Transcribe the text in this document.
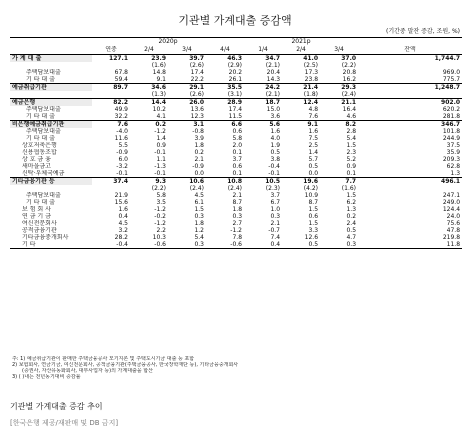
기관별 가계대출 증감액
(기간중 말잔 증감, 조원, %)
	2020p				2021p			
	연중	2/4	3/4	4/4	1/4	2/4	3/4	잔액
가 계 대 출	127.1	23.9	39.7	46.3	34.7	41.0	37.0	1,744.7
		(1.6)	(2.6)	(2.9)	(2.1)	(2.5)	(2.2)	
주택담보대출	67.8	14.8	17.4	20.2	20.4	17.3	20.8	969.0
기 타 대 출	59.4	9.1	22.2	26.1	14.3	23.8	16.2	775.7
예금취급기관	89.7	34.6	29.1	35.5	24.2	21.4	29.3	1,248.7
		(1.3)	(2.6)	(3.1)	(2.1)	(1.8)	(2.4)	
예금은행	82.2	14.4	26.0	28.9	18.7	12.4	21.1	902.0
주택담보대출	49.9	10.2	13.6	17.4	15.0	4.8	16.4	620.2
기 타 대 출	32.2	4.1	12.3	11.5	3.6	7.6	4.6	281.8
비은행예금취급기관	7.6	0.2	3.1	6.6	5.6	9.1	8.2	346.7
주택담보대출	-4.0	-1.2	-0.8	0.6	1.6	1.6	2.8	101.8
기 타 대 출	11.6	1.4	3.9	5.8	4.0	7.5	5.4	244.9
상호저축은행	5.5	0.9	1.8	2.0	1.9	2.5	1.5	37.5
신용협동조합	-0.9	-0.1	0.2	0.1	0.5	1.4	2.3	35.9
상 호 금 융	6.0	1.1	2.1	3.7	3.8	5.7	5.2	209.3
새마을금고	-3.2	-1.3	-0.9	0.6	-0.4	0.5	0.9	62.8
신탁·우체국예금	-0.1	-0.1	0.0	0.1	-0.1	0.0	0.1	1.3
기타금융기관 등	37.4	9.3	10.6	10.8	10.5	19.6	7.7	496.1
		(2.2)	(2.4)	(2.4)	(2.3)	(4.2)	(1.6)	
주택담보대출	21.9	5.8	4.5	2.1	3.7	10.9	1.5	247.1
기 타 대 출	15.6	3.5	6.1	8.7	6.7	8.7	6.2	249.0
보 험 회 사	1.6	-1.2	1.5	1.8	1.0	1.5	1.3	124.4
연 금 기 금	0.4	-0.2	0.3	0.3	0.3	0.6	0.2	24.0
여신전문회사	4.5	-1.2	1.8	2.7	2.1	1.5	2.4	75.6
공적금융기관	3.2	2.2	1.2	-1.2	-0.7	3.3	0.5	47.8
기타금융중개회사	28.2	10.3	5.4	7.8	7.4	12.6	4.7	219.8
기 타	-0.4	-0.6	0.3	-0.6	0.4	0.5	0.3	11.8
주: 1) 예금취급기관이 판매한 주택금융공사 모기지론 및 주택도시기금 대출 등 포함
2) 보험회사, 연금기금, 여신전문회사, 공적금융기관(주택금융공사, 한국장학재단 등), 기타금융중개회사
(증권사, 자산유동화회사, 대부사업자 등)의 가계대출을 합산
3) ( )내는 전년동기대비 증감률
기관별 가계대출 증감 추이
[한국은행 제공/재판매 및 DB 금지]
